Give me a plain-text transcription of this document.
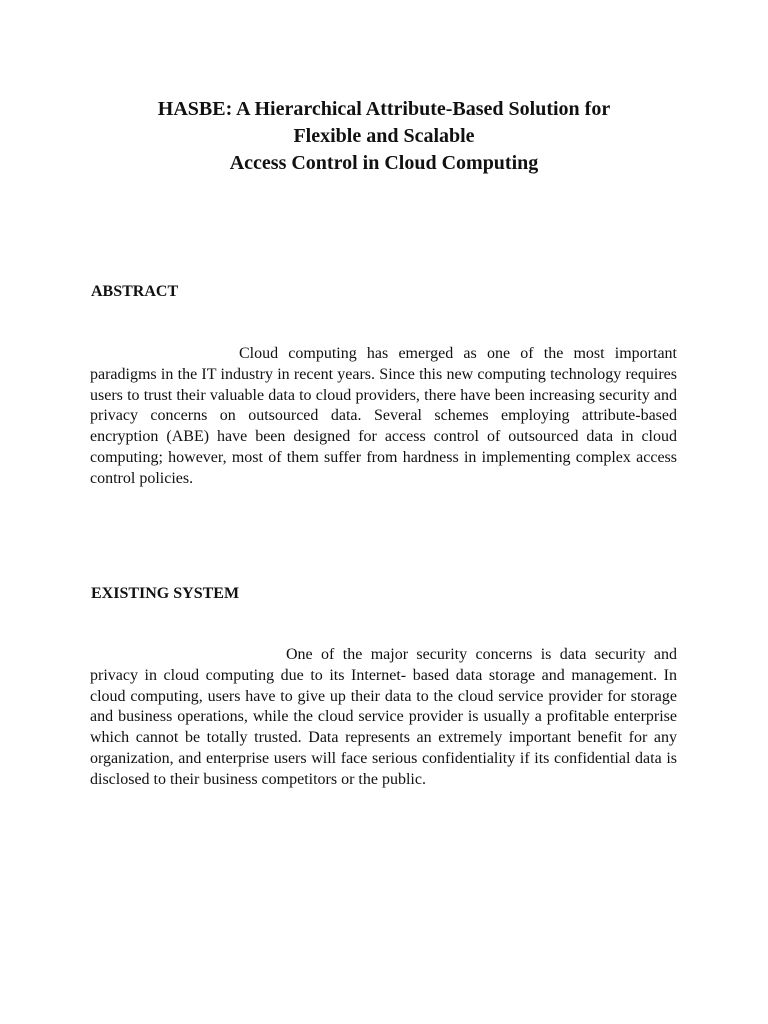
HASBE: A Hierarchical Attribute-Based Solution for
Flexible and Scalable
Access Control in Cloud Computing
ABSTRACT

Cloud computing has emerged as one of the most important paradigms in the IT industry in recent years. Since this new computing technology requires users to trust their valuable data to cloud providers, there have been increasing security and privacy concerns on outsourced data. Several schemes employing attribute-based encryption (ABE) have been designed for access control of outsourced data in cloud computing; however, most of them suffer from hardness in implementing complex access control policies.

EXISTING SYSTEM

One of the major security concerns is data security and privacy in cloud computing due to its Internet- based data storage and management. In cloud computing, users have to give up their data to the cloud service provider for storage and business operations, while the cloud service provider is usually a profitable enterprise which cannot be totally trusted. Data represents an extremely important benefit for any organization, and enterprise users will face serious confidentiality if its confidential data is disclosed to their business competitors or the public.
